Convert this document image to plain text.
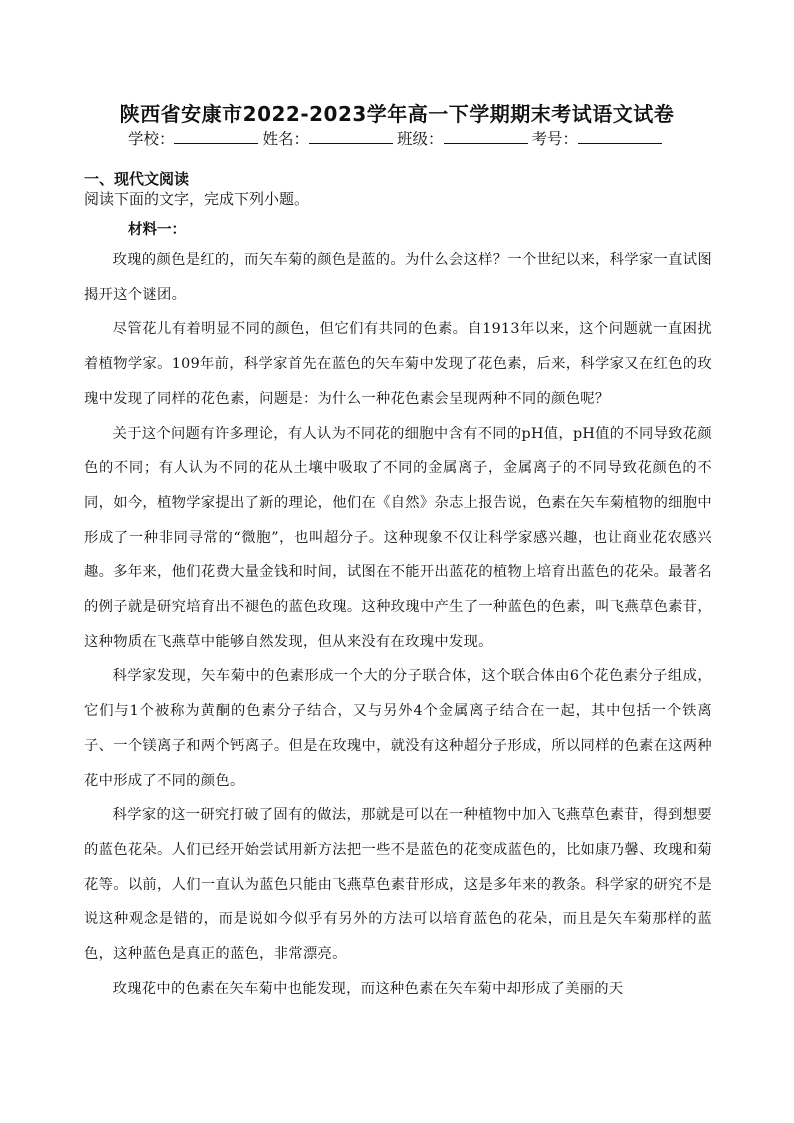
陕西省安康市2022-2023学年高一下学期期末考试语文试卷
学校：	姓名：	班级：	考号：
一、现代文阅读
阅读下面的文字，完成下列小题。
材料一：

玫瑰的颜色是红的，而矢车菊的颜色是蓝的。为什么会这样？一个世纪以来，科学家一直试图揭开这个谜团。

尽管花儿有着明显不同的颜色，但它们有共同的色素。自1913年以来，这个问题就一直困扰着植物学家。109年前，科学家首先在蓝色的矢车菊中发现了花色素，后来，科学家又在红色的玫瑰中发现了同样的花色素，问题是：为什么一种花色素会呈现两种不同的颜色呢？

关于这个问题有许多理论，有人认为不同花的细胞中含有不同的pH值，pH值的不同导致花颜色的不同；有人认为不同的花从土壤中吸取了不同的金属离子，金属离子的不同导致花颜色的不同，如今，植物学家提出了新的理论，他们在《自然》杂志上报告说，色素在矢车菊植物的细胞中形成了一种非同寻常的“微胞”，也叫超分子。这种现象不仅让科学家感兴趣，也让商业花农感兴趣。多年来，他们花费大量金钱和时间，试图在不能开出蓝花的植物上培育出蓝色的花朵。最著名的例子就是研究培育出不褪色的蓝色玫瑰。这种玫瑰中产生了一种蓝色的色素，叫飞燕草色素苷，这种物质在飞燕草中能够自然发现，但从来没有在玫瑰中发现。

科学家发现，矢车菊中的色素形成一个大的分子联合体，这个联合体由6个花色素分子组成，它们与1个被称为黄酮的色素分子结合，又与另外4个金属离子结合在一起，其中包括一个铁离子、一个镁离子和两个钙离子。但是在玫瑰中，就没有这种超分子形成，所以同样的色素在这两种花中形成了不同的颜色。

科学家的这一研究打破了固有的做法，那就是可以在一种植物中加入飞燕草色素苷，得到想要的蓝色花朵。人们已经开始尝试用新方法把一些不是蓝色的花变成蓝色的，比如康乃馨、玫瑰和菊花等。以前，人们一直认为蓝色只能由飞燕草色素苷形成，这是多年来的教条。科学家的研究不是说这种观念是错的，而是说如今似乎有另外的方法可以培育蓝色的花朵，而且是矢车菊那样的蓝色，这种蓝色是真正的蓝色，非常漂亮。

玫瑰花中的色素在矢车菊中也能发现，而这种色素在矢车菊中却形成了美丽的天
